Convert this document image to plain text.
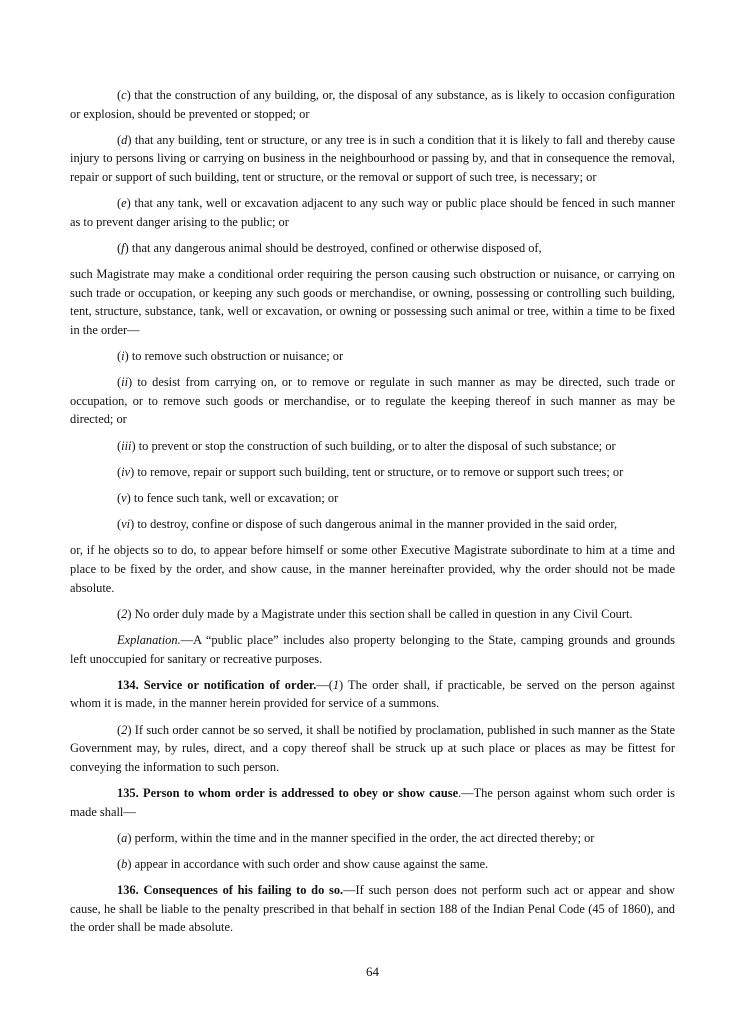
(c) that the construction of any building, or, the disposal of any substance, as is likely to occasion configuration or explosion, should be prevented or stopped; or

(d) that any building, tent or structure, or any tree is in such a condition that it is likely to fall and thereby cause injury to persons living or carrying on business in the neighbourhood or passing by, and that in consequence the removal, repair or support of such building, tent or structure, or the removal or support of such tree, is necessary; or

(e) that any tank, well or excavation adjacent to any such way or public place should be fenced in such manner as to prevent danger arising to the public; or

(f) that any dangerous animal should be destroyed, confined or otherwise disposed of,

such Magistrate may make a conditional order requiring the person causing such obstruction or nuisance, or carrying on such trade or occupation, or keeping any such goods or merchandise, or owning, possessing or controlling such building, tent, structure, substance, tank, well or excavation, or owning or possessing such animal or tree, within a time to be fixed in the order—

(i) to remove such obstruction or nuisance; or

(ii) to desist from carrying on, or to remove or regulate in such manner as may be directed, such trade or occupation, or to remove such goods or merchandise, or to regulate the keeping thereof in such manner as may be directed; or

(iii) to prevent or stop the construction of such building, or to alter the disposal of such substance; or

(iv) to remove, repair or support such building, tent or structure, or to remove or support such trees; or

(v) to fence such tank, well or excavation; or

(vi) to destroy, confine or dispose of such dangerous animal in the manner provided in the said order,

or, if he objects so to do, to appear before himself or some other Executive Magistrate subordinate to him at a time and place to be fixed by the order, and show cause, in the manner hereinafter provided, why the order should not be made absolute.

(2) No order duly made by a Magistrate under this section shall be called in question in any Civil Court.

Explanation.—A “public place” includes also property belonging to the State, camping grounds and grounds left unoccupied for sanitary or recreative purposes.

134. Service or notification of order.—(1) The order shall, if practicable, be served on the person against whom it is made, in the manner herein provided for service of a summons.

(2) If such order cannot be so served, it shall be notified by proclamation, published in such manner as the State Government may, by rules, direct, and a copy thereof shall be struck up at such place or places as may be fittest for conveying the information to such person.

135. Person to whom order is addressed to obey or show cause.—The person against whom such order is made shall—

(a) perform, within the time and in the manner specified in the order, the act directed thereby; or

(b) appear in accordance with such order and show cause against the same.

136. Consequences of his failing to do so.—If such person does not perform such act or appear and show cause, he shall be liable to the penalty prescribed in that behalf in section 188 of the Indian Penal Code (45 of 1860), and the order shall be made absolute.

64
